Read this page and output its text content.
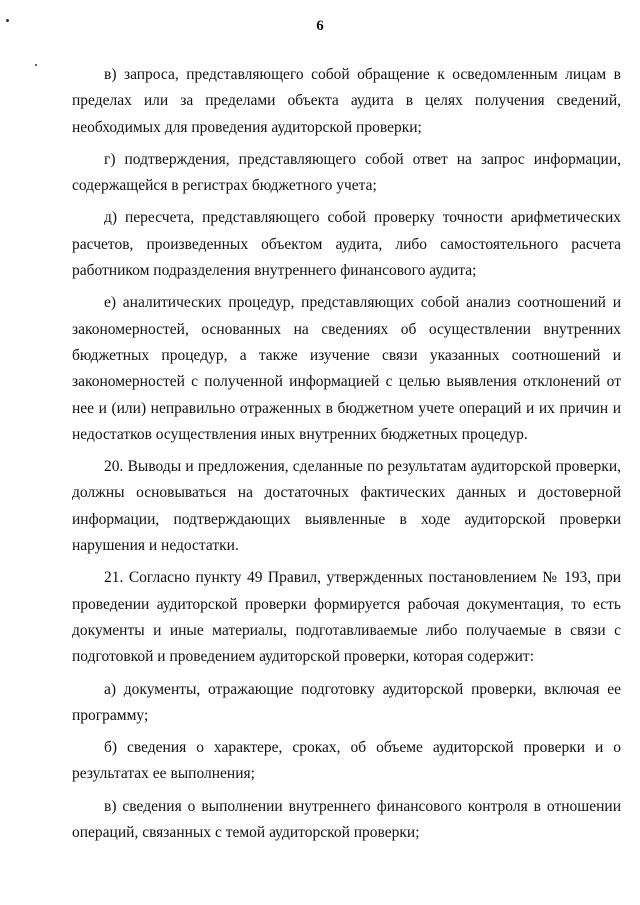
6

в) запроса, представляющего собой обращение к осведомленным лицам в пределах или за пределами объекта аудита в целях получения сведений, необходимых для проведения аудиторской проверки;

г) подтверждения, представляющего собой ответ на запрос информации, содержащейся в регистрах бюджетного учета;

д) пересчета, представляющего собой проверку точности арифметических расчетов, произведенных объектом аудита, либо самостоятельного расчета работником подразделения внутреннего финансового аудита;

е) аналитических процедур, представляющих собой анализ соотношений и закономерностей, основанных на сведениях об осуществлении внутренних бюджетных процедур, а также изучение связи указанных соотношений и закономерностей с полученной информацией с целью выявления отклонений от нее и (или) неправильно отраженных в бюджетном учете операций и их причин и недостатков осуществления иных внутренних бюджетных процедур.

20. Выводы и предложения, сделанные по результатам аудиторской проверки, должны основываться на достаточных фактических данных и достоверной информации, подтверждающих выявленные в ходе аудиторской проверки нарушения и недостатки.

21. Согласно пункту 49 Правил, утвержденных постановлением № 193, при проведении аудиторской проверки формируется рабочая документация, то есть документы и иные материалы, подготавливаемые либо получаемые в связи с подготовкой и проведением аудиторской проверки, которая содержит:

а) документы, отражающие подготовку аудиторской проверки, включая ее программу;

б) сведения о характере, сроках, об объеме аудиторской проверки и о результатах ее выполнения;

в) сведения о выполнении внутреннего финансового контроля в отношении операций, связанных с темой аудиторской проверки;
